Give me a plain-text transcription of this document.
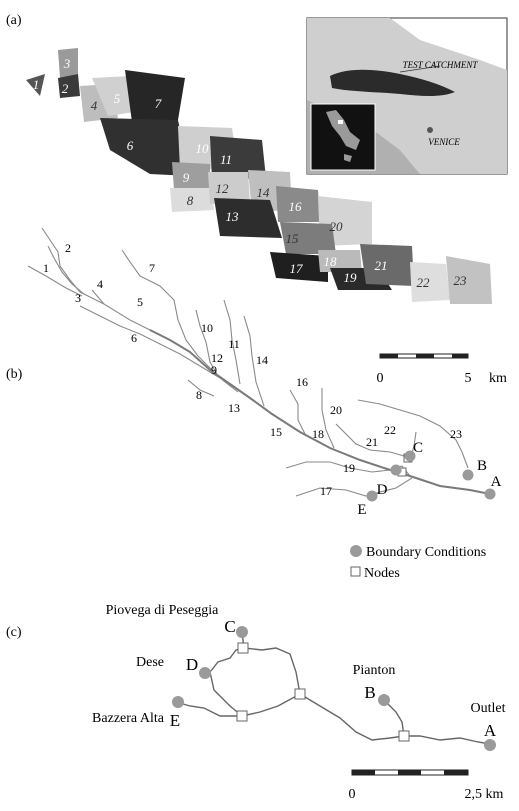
(a)
1 2
3
4 5
6
7
8
9
10
11
12
13
14
15
16
17 18
19
20
21
22 23
TEST CATCHMENT
VENICE
0	5 km
(b)
1
2
3
4
5
6
7
8
9
10
11
12
13
14
15
16
17
18
19
20
21
22	23
A
B
C
D
E
Boundary Conditions
Nodes
(c)
Piovega di Peseggia
C
Dese D	Pianton
B
Outlet
A
Bazzera Alta E
0	2,5 km
